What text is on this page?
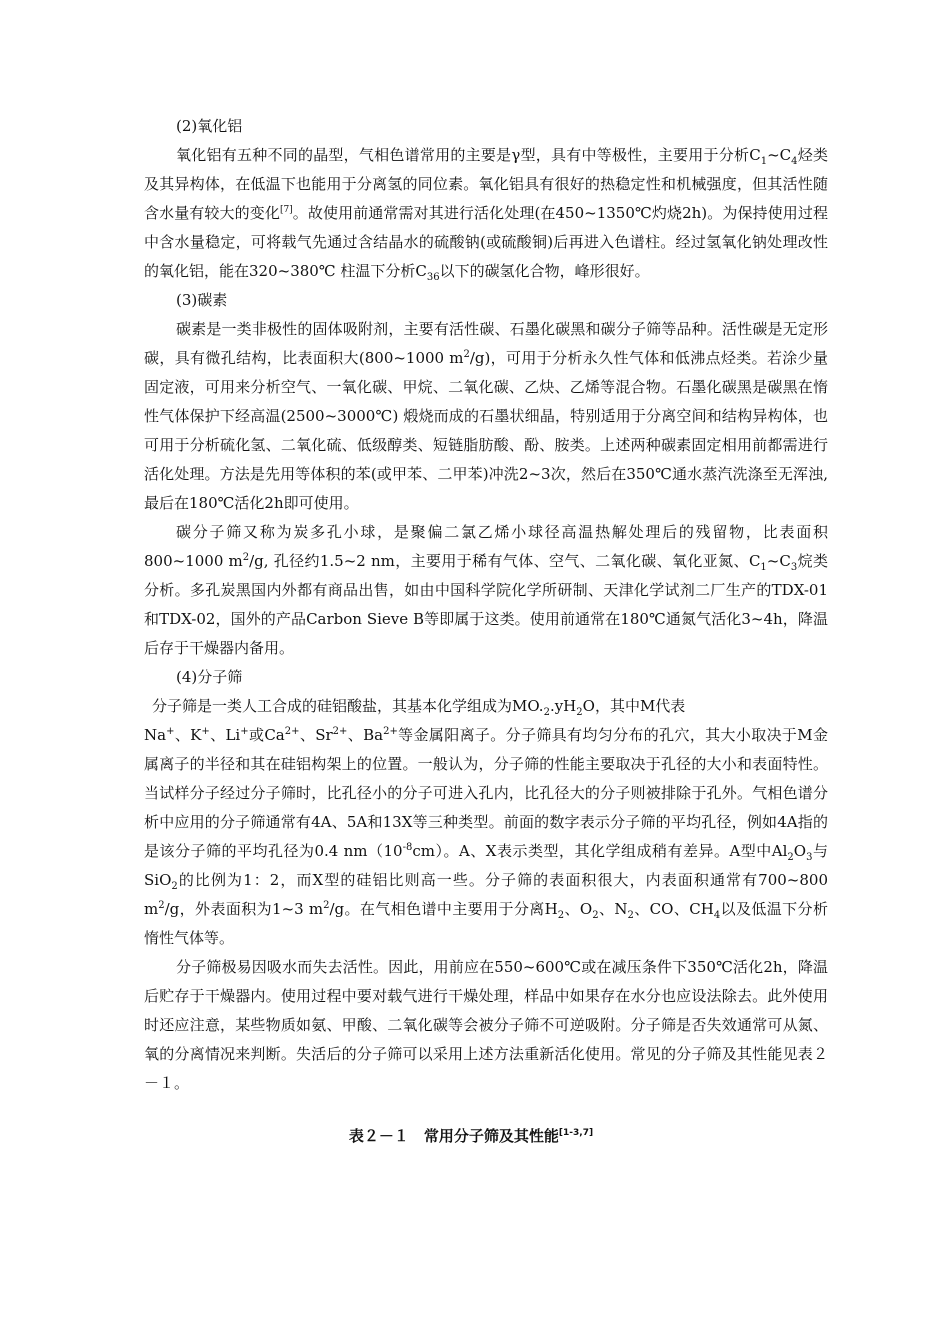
(2)氧化铝

氧化铝有五种不同的晶型，气相色谱常用的主要是γ型，具有中等极性，主要用于分析$C_1\sim C_4$烃类及其异构体，在低温下也能用于分离氢的同位素。氧化铝具有很好的热稳定性和机械强度，但其活性随含水量有较大的变化[7]。故使用前通常需对其进行活化处理(在450~1350℃灼烧2h)。为保持使用过程中含水量稳定，可将载气先通过含结晶水的硫酸钠(或硫酸铜)后再进入色谱柱。经过氢氧化钠处理改性的氧化铝，能在320~380℃ 柱温下分析$C_{36}$以下的碳氢化合物，峰形很好。

(3)碳素

碳素是一类非极性的固体吸附剂，主要有活性碳、石墨化碳黑和碳分子筛等品种。活性碳是无定形碳，具有微孔结构，比表面积大(800~1000 $m^2/g$)，可用于分析永久性气体和低沸点烃类。若涂少量固定液，可用来分析空气、一氧化碳、甲烷、二氧化碳、乙炔、乙烯等混合物。石墨化碳黑是碳黑在惰性气体保护下经高温(2500~3000℃) 煅烧而成的石墨状细晶，特别适用于分离空间和结构异构体，也可用于分析硫化氢、二氧化硫、低级醇类、短链脂肪酸、酚、胺类。上述两种碳素固定相用前都需进行活化处理。方法是先用等体积的苯(或甲苯、二甲苯)冲洗2~3次，然后在350℃通水蒸汽洗涤至无浑浊, 最后在180℃活化2h即可使用。

碳分子筛又称为炭多孔小球，是聚偏二氯乙烯小球径高温热解处理后的残留物，比表面积800~1000 $m^2/g$, 孔径约1.5~2 nm，主要用于稀有气体、空气、二氧化碳、氧化亚氮、$C_1\sim C_3$烷类分析。多孔炭黑国内外都有商品出售，如由中国科学院化学所研制、天津化学试剂二厂生产的TDX-01和TDX-02，国外的产品Carbon Sieve B等即属于这类。使用前通常在180℃通氮气活化3~4h，降温后存于干燥器内备用。

(4)分子筛

分子筛是一类人工合成的硅铝酸盐，其基本化学组成为$MO._2.yH_2O$，其中M代表
Na+、K+、Li+或$Ca^{2+}$、$Sr^{2+}$、$Ba^{2+}$等金属阳离子。分子筛具有均匀分布的孔穴，其大小取决于M金属离子的半径和其在硅铝构架上的位置。一般认为，分子筛的性能主要取决于孔径的大小和表面特性。当试样分子经过分子筛时，比孔径小的分子可进入孔内，比孔径大的分子则被排除于孔外。气相色谱分析中应用的分子筛通常有4A、5A和13X等三种类型。前面的数字表示分子筛的平均孔径，例如4A指的是该分子筛的平均孔径为0.4 $nm(10^{-8}cm)$。A、X表示类型，其化学组成稍有差异。A型中$Al_2O_3$与SiO$_2$的比例为1：2，而X型的硅铝比则高一些。分子筛的表面积很大，内表面积通常有700~800 $m^2/g$，外表面积为1~3 $m^2/g$。在气相色谱中主要用于分离$H_2$、$O_2$、$N_2$、CO、$CH_4$以及低温下分析惰性气体等。

分子筛极易因吸水而失去活性。因此，用前应在550~600℃或在减压条件下350℃活化2h，降温后贮存于干燥器内。使用过程中要对载气进行干燥处理，样品中如果存在水分也应设法除去。此外使用时还应注意，某些物质如氨、甲酸、二氧化碳等会被分子筛不可逆吸附。分子筛是否失效通常可从氮、氧的分离情况来判断。失活后的分子筛可以采用上述方法重新活化使用。常见的分子筛及其性能见表２－１。

表２－１　常用分子筛及其性能[1-3,7]
